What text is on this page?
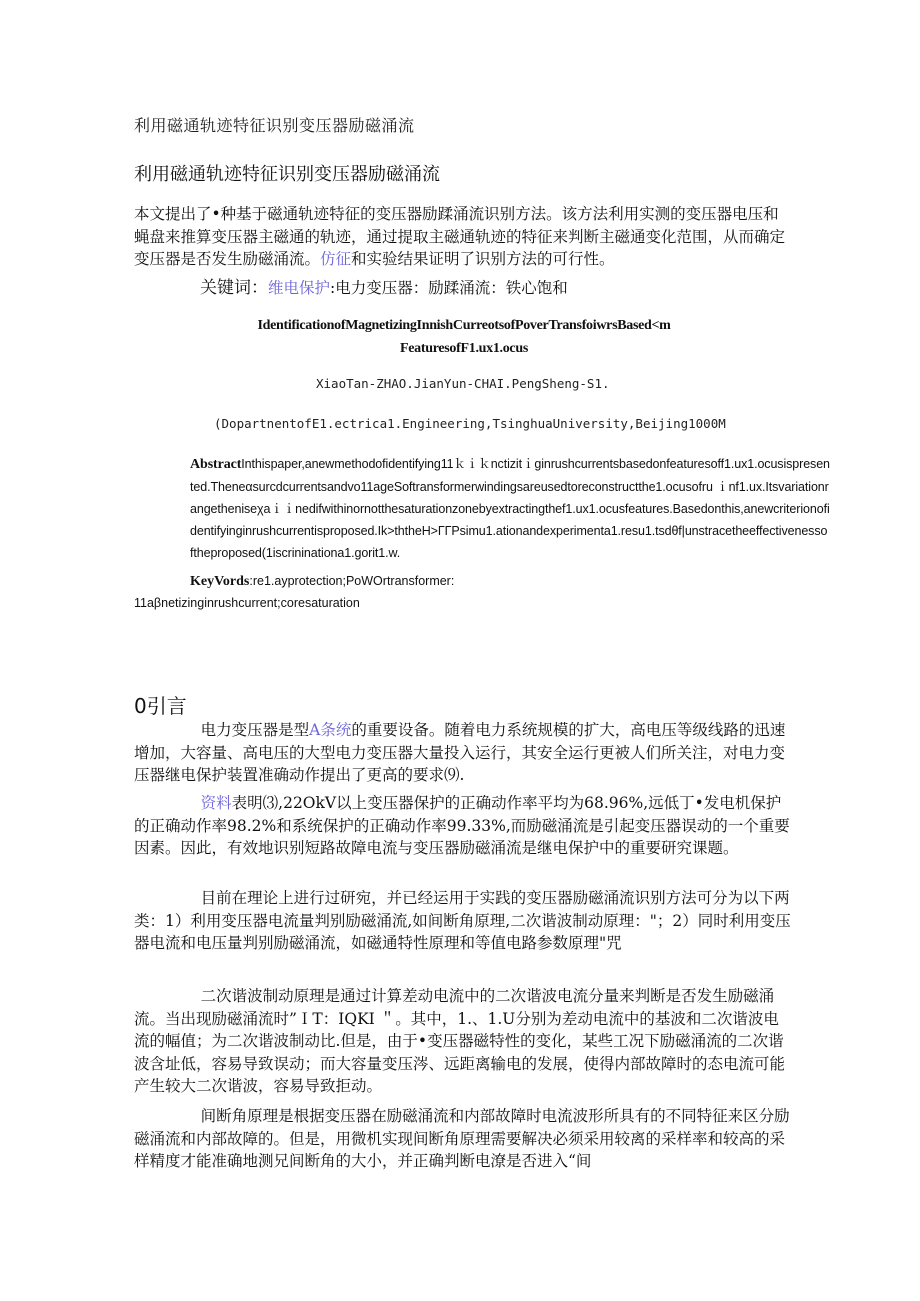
利用磁通轨迹特征识别变压器励磁涌流
利用磁通轨迹特征识别变压器励磁涌流
本文提出了•种基于磁通轨迹特征的变压器励蹂涌流识别方法。该方法利用实测的变压器电压和蝇盘来推算变压器主磁通的轨迹，通过提取主磁通轨迹的特征来判断主磁通变化范围，从而确定变压器是否发生励磁涌流。仿征和实验结果证明了识别方法的可行性。
关键词：维电保护:电力变压器：励蹂涌流：铁心饱和
IdentificationofMagnetizingInnishCurreotsofPoverTransfoiwrsBased<m
FeaturesofF1.ux1.ocus
XiaoTan-ZHAO.JianYun-CHAI.PengSheng-S1.
(DopartnentofE1.ectrica1.Engineering,TsinghuaUniversity,Beijing1000M
AbstractInthispaper,anewmethodofidentifying11ｋｉｋnctizitｉginrushcurrentsbasedonfeaturesoff1.ux1.ocusispresented.Theneαsurcdcurrentsandvo11ageSoftransformerwindingsareusedtoreconstructthe1.ocusofru ｉnf1.ux.Itsvariationrangetheniseχaｉｉnedifwithinornotthesaturationzonebyextractingthef1.ux1.ocusfeatures.Basedonthis,anewcriterionofidentifyinginrushcurrentisproposed.Ik>ththeH>ΓΓPsimu1.ationandexperimenta1.resu1.tsdθf|unstracetheeffectivenessoftheproposed(1iscrininationa1.gorit1.w.
KeyVords:re1.ayprotection;PoWOrtransformer:
11aβnetizinginrushcurrent;coresaturation
0引言
电力变压器是型A条统的重要设备。随着电力系统规模的扩大，高电压等级线路的迅速增加，大容量、高电压的大型电力变压器大量投入运行，其安全运行更被人们所关注，对电力变压器继电保护装置准确动作提出了更高的要求⑼.
资料表明⑶,22OkV以上变压器保护的正确动作率平均为68.96%,远低丁•发电机保护的正确动作率98.2%和系统保护的正确动作率99.33%,而励磁涌流是引起变压器误动的一个重要因素。因此，有效地识别短路故障电流与变压器励磁涌流是继电保护中的重要研究课题。
目前在理论上进行过研宛，并已经运用于实践的变压器励磁涌流识别方法可分为以下两类：1）利用变压器电流量判别励磁涌流,如间断角原理,二次谐波制动原理："；2）同时利用变压器电流和电压量判别励磁涌流，如磁通特性原理和等值电路参数原理"咒
二次谐波制动原理是通过计算差动电流中的二次谐波电流分量来判断是否发生励磁涌流。当出现励磁涌流时”ＩT：IQKI ＂。其中，1.、1.U分别为差动电流中的基波和二次谐波电流的幅值；为二次谐波制动比.但是，由于•变压器磁特性的变化，某些工况下励磁涌流的二次谐波含址低，容易导致误动；而大容量变压涔、远距离输电的发展，使得内部故障时的态电流可能产生较大二次谐波，容易导致拒动。
间断角原理是根据变压器在励磁涌流和内部故障时电流波形所具有的不同特征来区分励磁涌流和内部故障的。但是，用微机实现间断角原理需要解决必须采用较离的采样率和较高的采样精度才能准确地测兄间断角的大小，并正确判断电潦是否进入“间
